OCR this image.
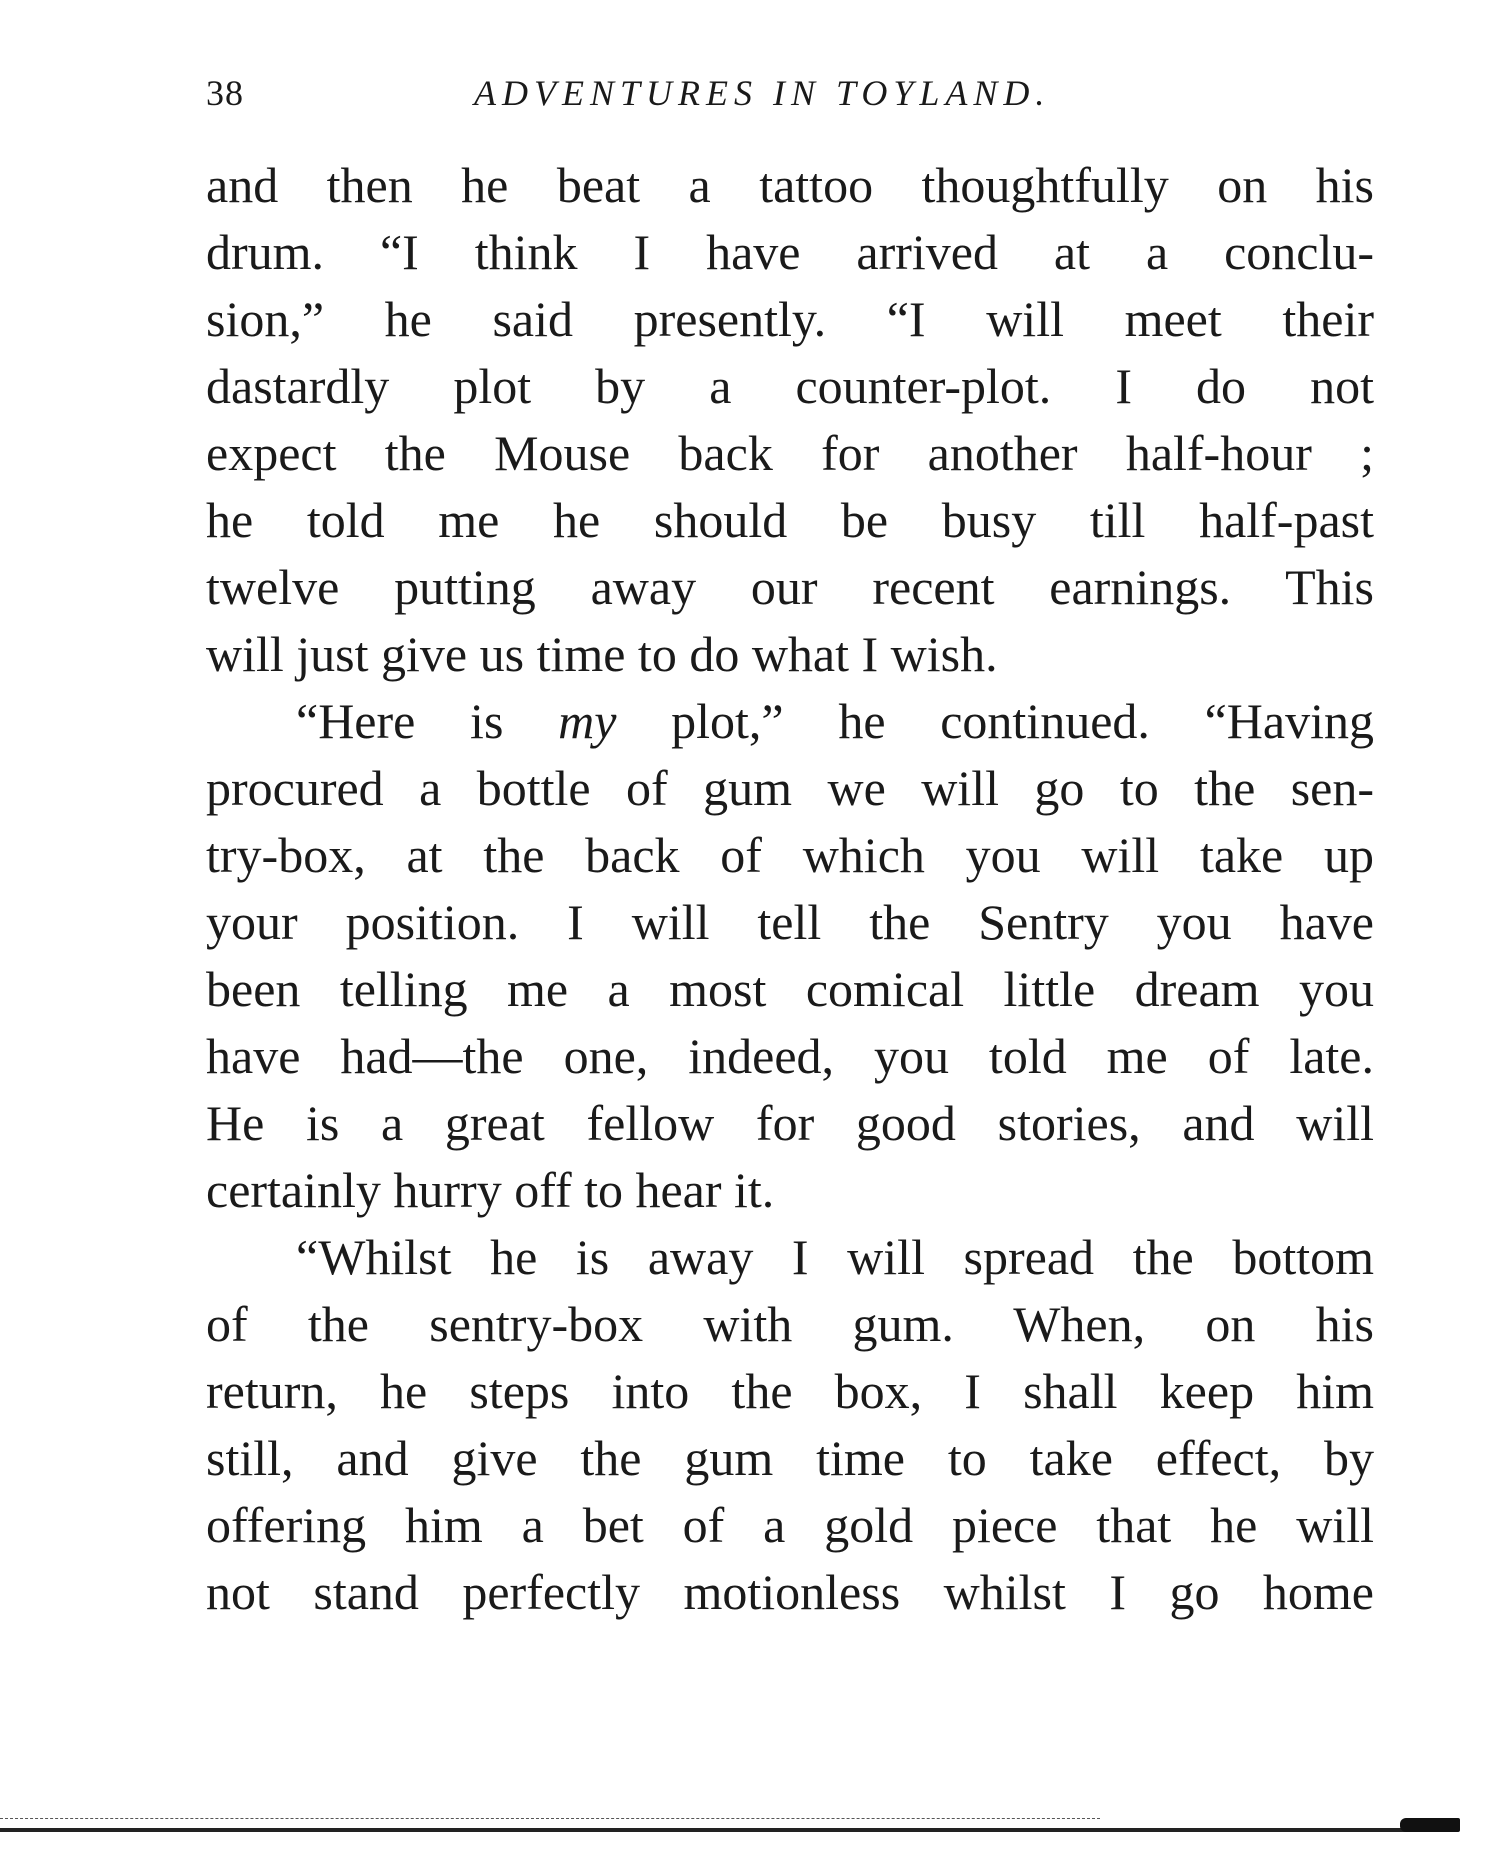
38	ADVENTURES IN TOYLAND.
and then he beat a tattoo thoughtfully on his
drum. “I think I have arrived at a conclu-
sion,” he said presently. “I will meet their
dastardly plot by a counter-plot. I do not
expect the Mouse back for another half-hour ;
he told me he should be busy till half-past
twelve putting away our recent earnings. This
will just give us time to do what I wish.
“Here is my plot,” he continued. “Having
procured a bottle of gum we will go to the sen-
try-box, at the back of which you will take up
your position. I will tell the Sentry you have
been telling me a most comical little dream you
have had—the one, indeed, you told me of late.
He is a great fellow for good stories, and will
certainly hurry off to hear it.
“Whilst he is away I will spread the bottom
of the sentry-box with gum. When, on his
return, he steps into the box, I shall keep him
still, and give the gum time to take effect, by
offering him a bet of a gold piece that he will
not stand perfectly motionless whilst I go home
